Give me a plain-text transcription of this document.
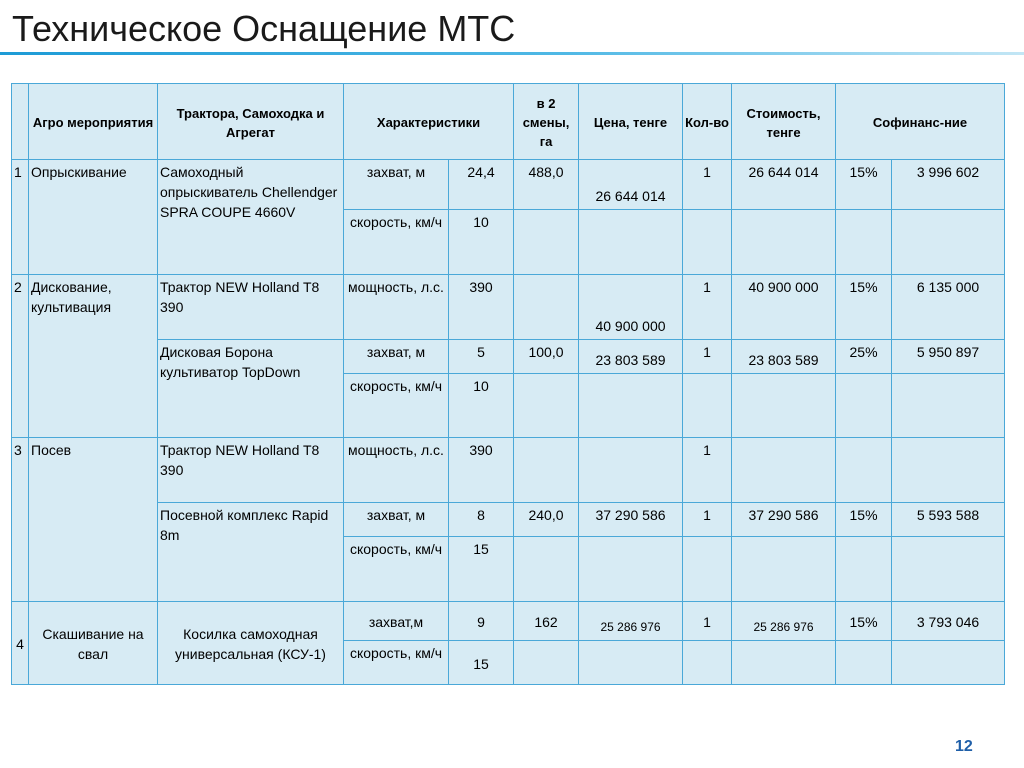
Техническое Оснащение МТС
	Агро мероприятия	Трактора, Самоходка и Агрегат	Характеристики		в 2 смены, га	Цена, тенге	Кол-во	Стоимость, тенге	Софинанс-ние	
1	Опрыскивание	Самоходный опрыскиватель Chellendger SPRA COUPE 4660V	захват, м	24,4	488,0	26 644 014	1	26 644 014	15%	3 996 602
			скорость, км/ч	10						
2	Дискование, культивация	Трактор NEW Holland T8 390	мощность, л.с.	390		40 900 000	1	40 900 000	15%	6 135 000
		Дисковая Борона культиватор TopDown	захват, м	5	100,0	23 803 589	1	23 803 589	25%	5 950 897
			скорость, км/ч	10						
3	Посев	Трактор NEW Holland T8 390	мощность, л.с.	390			1			
		Посевной комплекс Rapid 8m	захват, м	8	240,0	37 290 586	1	37 290 586	15%	5 593 588
			скорость, км/ч	15						
4	Скашивание на свал	Косилка самоходная универсальная (КСУ-1)	захват,м	9	162	25 286 976	1	25 286 976	15%	3 793 046
			скорость, км/ч	15						
12
